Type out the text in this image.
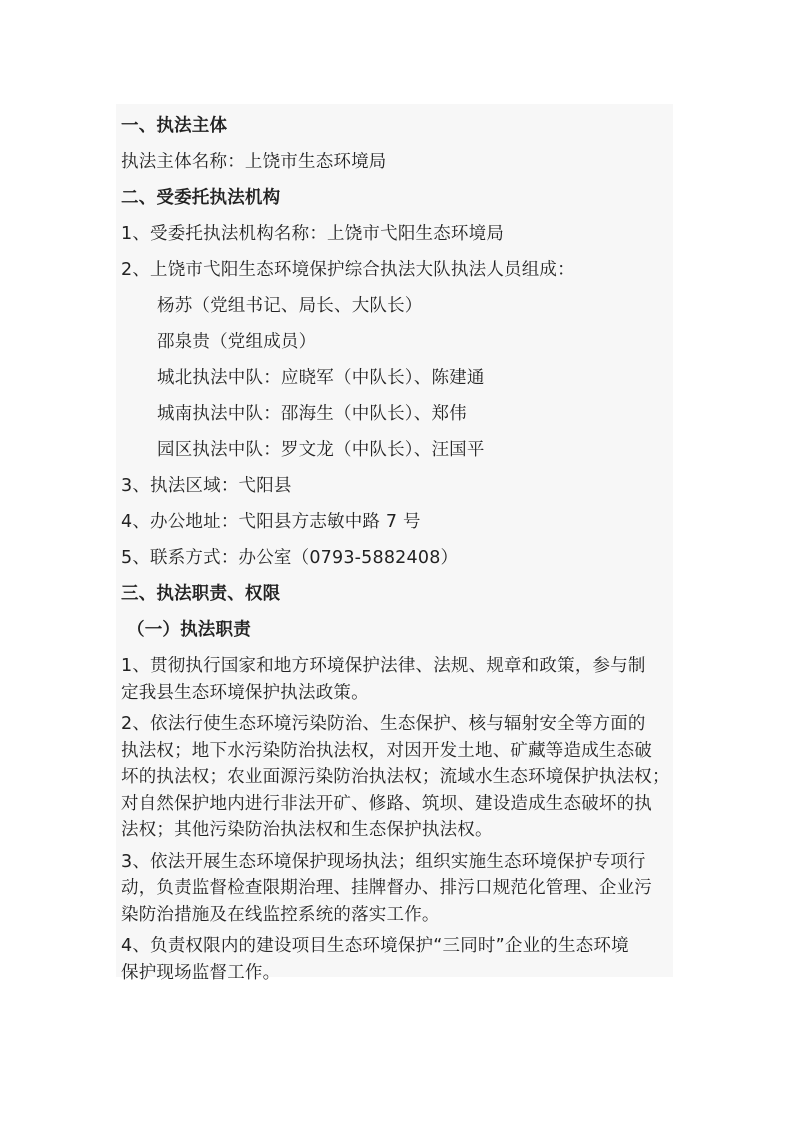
一、执法主体
执法主体名称：上饶市生态环境局
二、受委托执法机构
1、受委托执法机构名称：上饶市弋阳生态环境局
2、上饶市弋阳生态环境保护综合执法大队执法人员组成：
杨苏（党组书记、局长、大队长）
邵泉贵（党组成员）
城北执法中队：应晓军（中队长）、陈建通
城南执法中队：邵海生（中队长）、郑伟
园区执法中队：罗文龙（中队长）、汪国平
3、执法区域：弋阳县
4、办公地址：弋阳县方志敏中路 7 号
5、联系方式：办公室（0793-5882408）
三、执法职责、权限
（一）执法职责
1、贯彻执行国家和地方环境保护法律、法规、规章和政策，参与制
定我县生态环境保护执法政策。
2、依法行使生态环境污染防治、生态保护、核与辐射安全等方面的
执法权；地下水污染防治执法权，对因开发土地、矿藏等造成生态破
坏的执法权；农业面源污染防治执法权；流域水生态环境保护执法权；
对自然保护地内进行非法开矿、修路、筑坝、建设造成生态破坏的执
法权；其他污染防治执法权和生态保护执法权。
3、依法开展生态环境保护现场执法；组织实施生态环境保护专项行
动，负责监督检查限期治理、挂牌督办、排污口规范化管理、企业污
染防治措施及在线监控系统的落实工作。
4、负责权限内的建设项目生态环境保护“三同时”企业的生态环境
保护现场监督工作。
